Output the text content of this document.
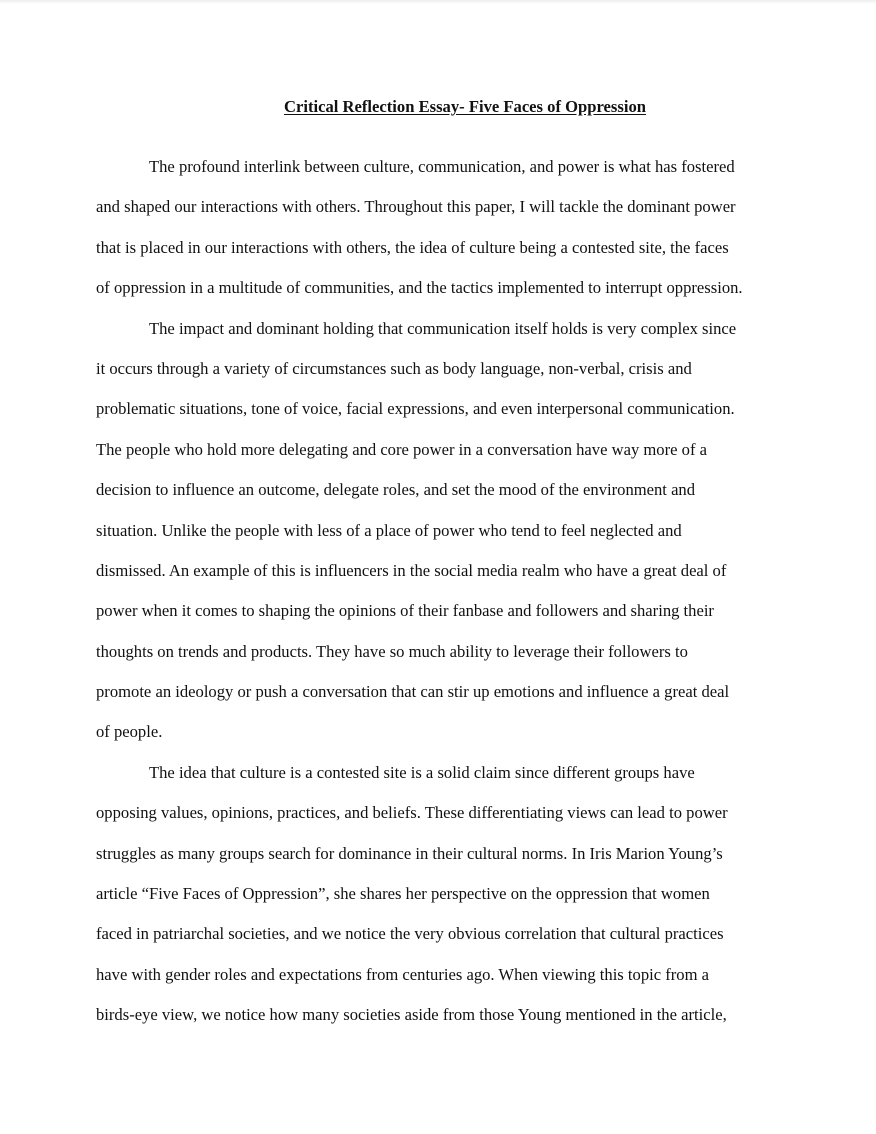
Critical Reflection Essay- Five Faces of Oppression
The profound interlink between culture, communication, and power is what has fostered
and shaped our interactions with others. Throughout this paper, I will tackle the dominant power
that is placed in our interactions with others, the idea of culture being a contested site, the faces
of oppression in a multitude of communities, and the tactics implemented to interrupt oppression.
The impact and dominant holding that communication itself holds is very complex since
it occurs through a variety of circumstances such as body language, non-verbal, crisis and
problematic situations, tone of voice, facial expressions, and even interpersonal communication.
The people who hold more delegating and core power in a conversation have way more of a
decision to influence an outcome, delegate roles, and set the mood of the environment and
situation. Unlike the people with less of a place of power who tend to feel neglected and
dismissed. An example of this is influencers in the social media realm who have a great deal of
power when it comes to shaping the opinions of their fanbase and followers and sharing their
thoughts on trends and products. They have so much ability to leverage their followers to
promote an ideology or push a conversation that can stir up emotions and influence a great deal
of people.
The idea that culture is a contested site is a solid claim since different groups have
opposing values, opinions, practices, and beliefs. These differentiating views can lead to power
struggles as many groups search for dominance in their cultural norms. In Iris Marion Young’s
article “Five Faces of Oppression”, she shares her perspective on the oppression that women
faced in patriarchal societies, and we notice the very obvious correlation that cultural practices
have with gender roles and expectations from centuries ago. When viewing this topic from a
birds-eye view, we notice how many societies aside from those Young mentioned in the article,
